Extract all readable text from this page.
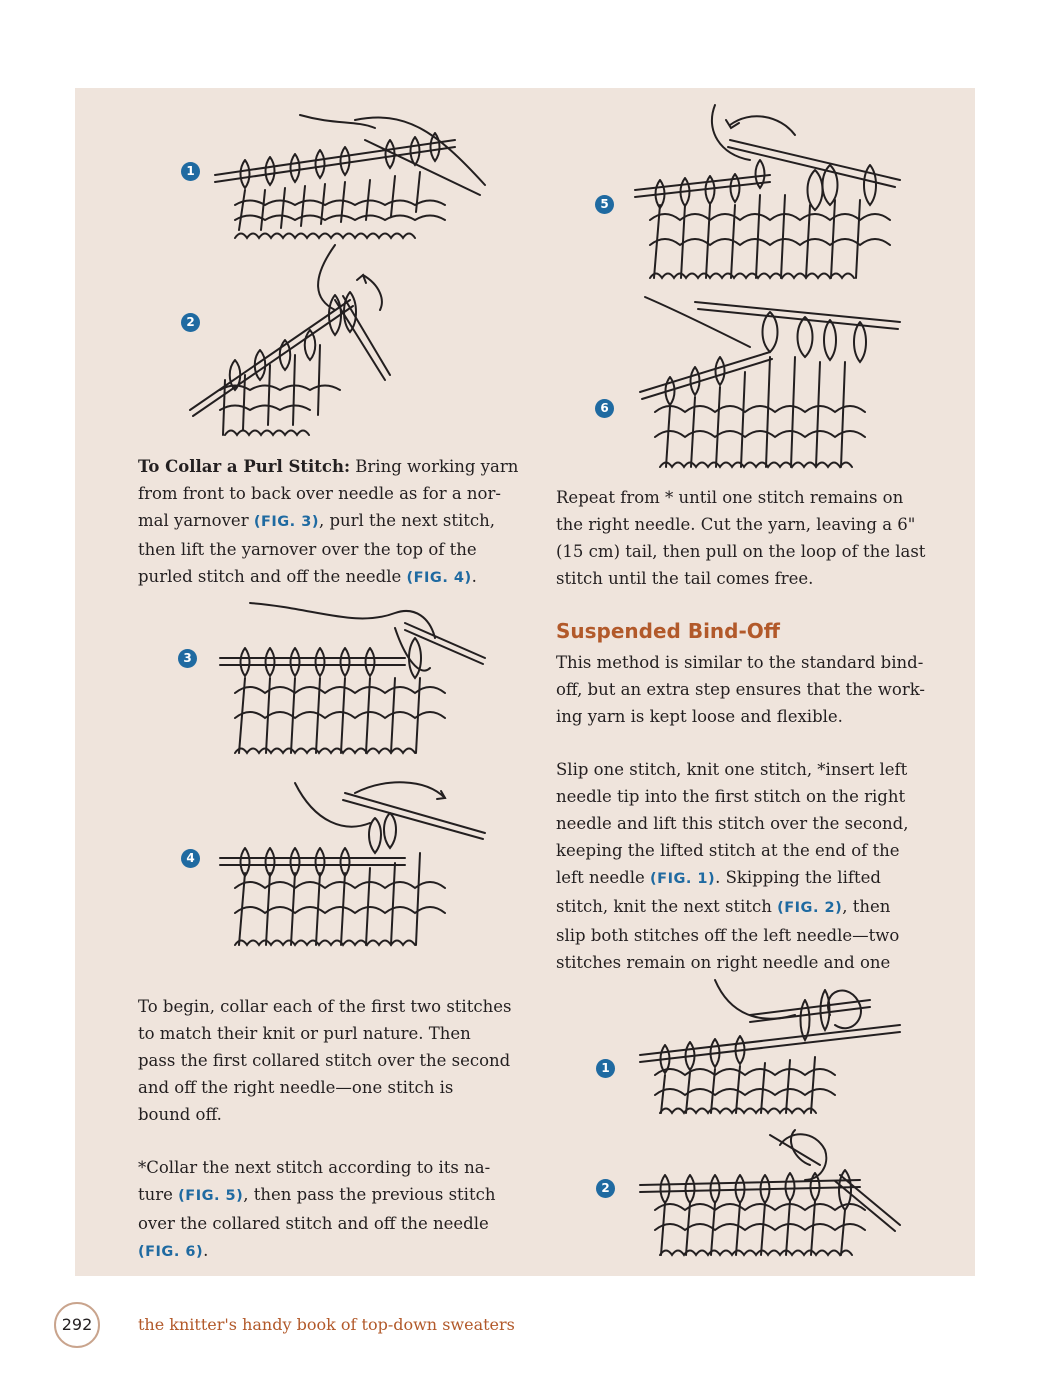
1
2

To Collar a Purl Stitch: Bring working yarn
from front to back over needle as for a nor-
mal yarnover (FIG. 3), purl the next stitch,
then lift the yarnover over the top of the
purled stitch and off the needle (FIG. 4).

3
4

To begin, collar each of the first two stitches
to match their knit or purl nature. Then
pass the first collared stitch over the second
and off the right needle—one stitch is
bound off.

*Collar the next stitch according to its na-
ture (FIG. 5), then pass the previous stitch
over the collared stitch and off the needle
(FIG. 6).

5
6

Repeat from * until one stitch remains on
the right needle. Cut the yarn, leaving a 6"
(15 cm) tail, then pull on the loop of the last
stitch until the tail comes free.

Suspended Bind-Off

This method is similar to the standard bind-
off, but an extra step ensures that the work-
ing yarn is kept loose and flexible.

Slip one stitch, knit one stitch, *insert left
needle tip into the first stitch on the right
needle and lift this stitch over the second,
keeping the lifted stitch at the end of the
left needle (FIG. 1). Skipping the lifted
stitch, knit the next stitch (FIG. 2), then
slip both stitches off the left needle—two
stitches remain on right needle and one

1
2
292	the knitter's handy book of top-down sweaters
